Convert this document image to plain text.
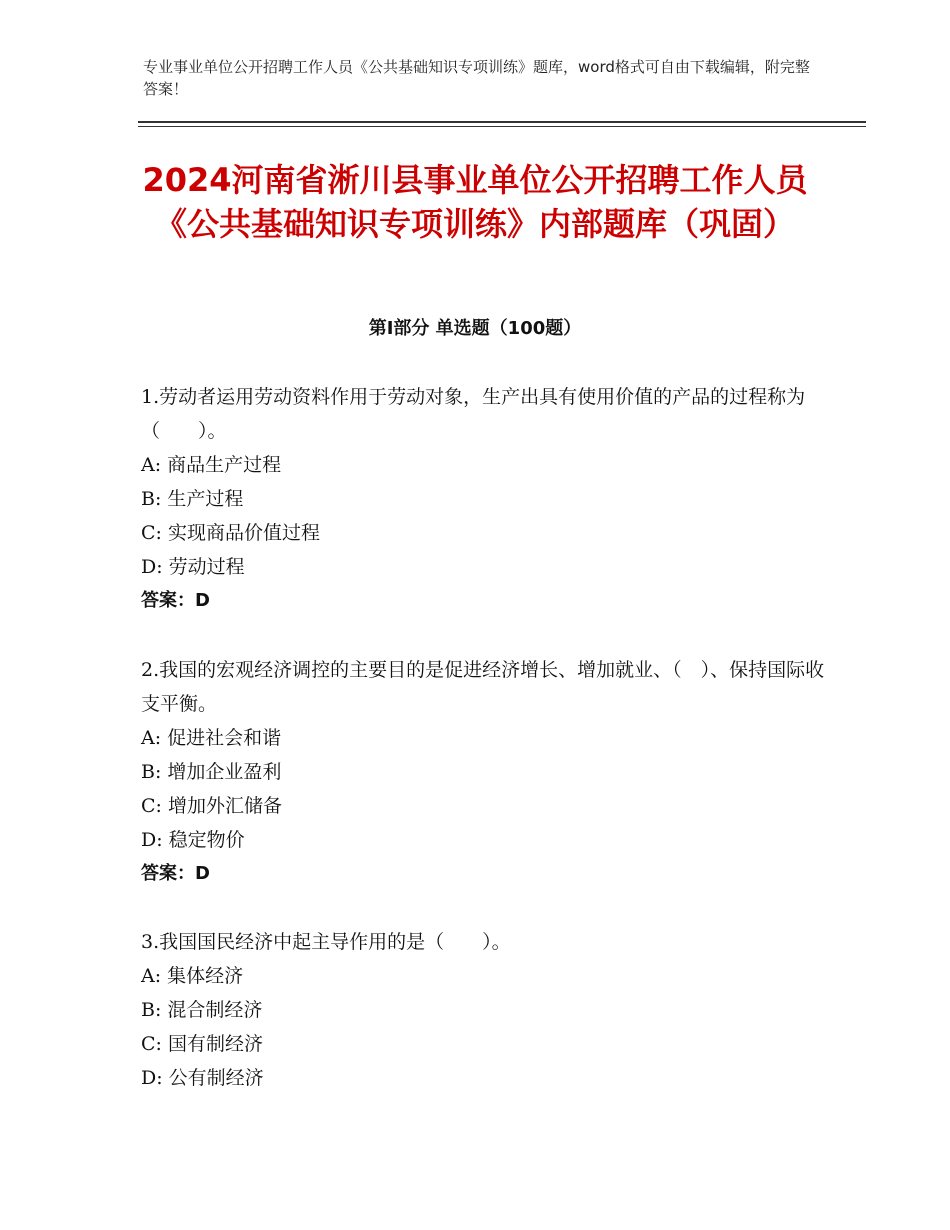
专业事业单位公开招聘工作人员《公共基础知识专项训练》题库，word格式可自由下载编辑，附完整答案！
2024河南省淅川县事业单位公开招聘工作人员《公共基础知识专项训练》内部题库（巩固）
第I部分 单选题（100题）
1.劳动者运用劳动资料作用于劳动对象，生产出具有使用价值的产品的过程称为（　　）。
A: 商品生产过程
B: 生产过程
C: 实现商品价值过程
D: 劳动过程
答案：D
2.我国的宏观经济调控的主要目的是促进经济增长、增加就业、（　）、保持国际收支平衡。
A: 促进社会和谐
B: 增加企业盈利
C: 增加外汇储备
D: 稳定物价
答案：D
3.我国国民经济中起主导作用的是（　　）。
A: 集体经济
B: 混合制经济
C: 国有制经济
D: 公有制经济
